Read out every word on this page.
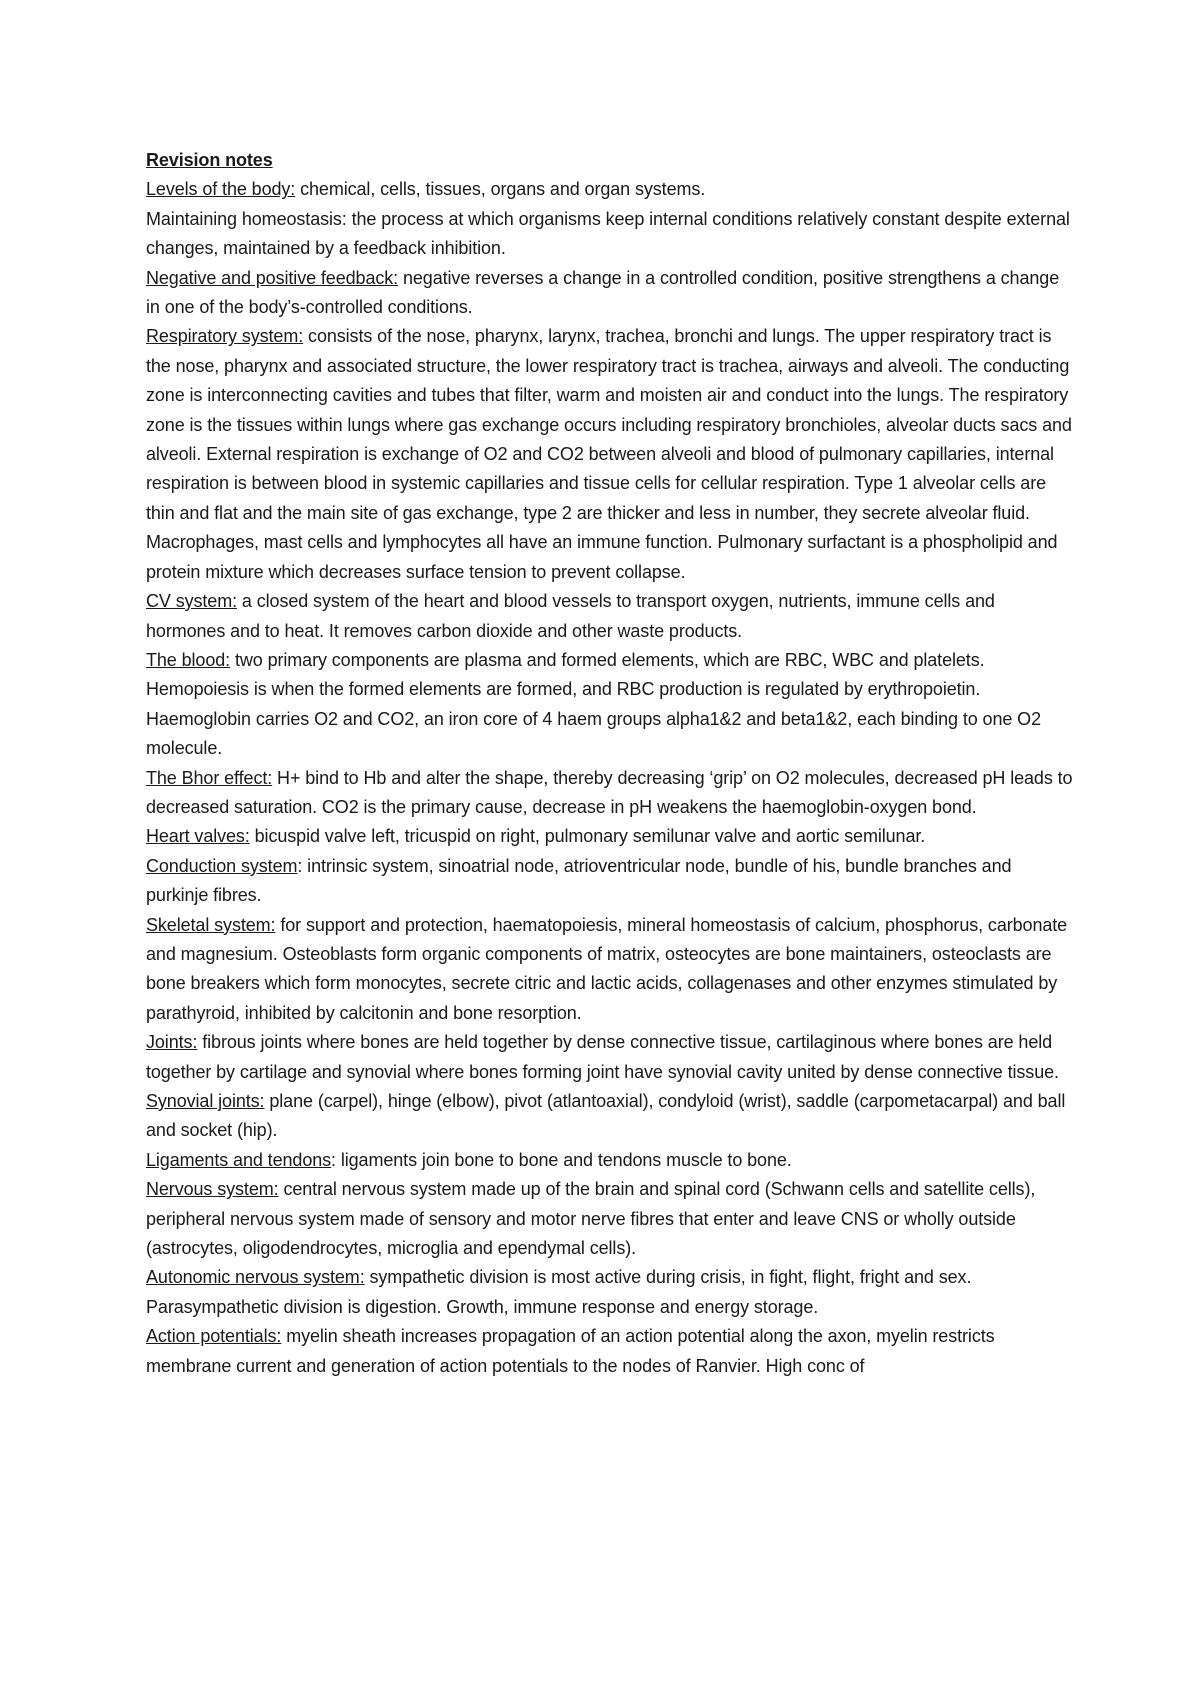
Revision notes

Levels of the body: chemical, cells, tissues, organs and organ systems.

Maintaining homeostasis: the process at which organisms keep internal conditions relatively constant despite external changes, maintained by a feedback inhibition.

Negative and positive feedback: negative reverses a change in a controlled condition, positive strengthens a change in one of the body’s-controlled conditions.

Respiratory system: consists of the nose, pharynx, larynx, trachea, bronchi and lungs. The upper respiratory tract is the nose, pharynx and associated structure, the lower respiratory tract is trachea, airways and alveoli. The conducting zone is interconnecting cavities and tubes that filter, warm and moisten air and conduct into the lungs. The respiratory zone is the tissues within lungs where gas exchange occurs including respiratory bronchioles, alveolar ducts sacs and alveoli. External respiration is exchange of O2 and CO2 between alveoli and blood of pulmonary capillaries, internal respiration is between blood in systemic capillaries and tissue cells for cellular respiration. Type 1 alveolar cells are thin and flat and the main site of gas exchange, type 2 are thicker and less in number, they secrete alveolar fluid. Macrophages, mast cells and lymphocytes all have an immune function. Pulmonary surfactant is a phospholipid and protein mixture which decreases surface tension to prevent collapse.

CV system: a closed system of the heart and blood vessels to transport oxygen, nutrients, immune cells and hormones and to heat. It removes carbon dioxide and other waste products.

The blood: two primary components are plasma and formed elements, which are RBC, WBC and platelets. Hemopoiesis is when the formed elements are formed, and RBC production is regulated by erythropoietin. Haemoglobin carries O2 and CO2, an iron core of 4 haem groups alpha1&2 and beta1&2, each binding to one O2 molecule.

The Bhor effect: H+ bind to Hb and alter the shape, thereby decreasing ‘grip’ on O2 molecules, decreased pH leads to decreased saturation. CO2 is the primary cause, decrease in pH weakens the haemoglobin-oxygen bond.

Heart valves: bicuspid valve left, tricuspid on right, pulmonary semilunar valve and aortic semilunar.

Conduction system: intrinsic system, sinoatrial node, atrioventricular node, bundle of his, bundle branches and purkinje fibres.

Skeletal system: for support and protection, haematopoiesis, mineral homeostasis of calcium, phosphorus, carbonate and magnesium. Osteoblasts form organic components of matrix, osteocytes are bone maintainers, osteoclasts are bone breakers which form monocytes, secrete citric and lactic acids, collagenases and other enzymes stimulated by parathyroid, inhibited by calcitonin and bone resorption.

Joints: fibrous joints where bones are held together by dense connective tissue, cartilaginous where bones are held together by cartilage and synovial where bones forming joint have synovial cavity united by dense connective tissue.

Synovial joints: plane (carpel), hinge (elbow), pivot (atlantoaxial), condyloid (wrist), saddle (carpometacarpal) and ball and socket (hip).

Ligaments and tendons: ligaments join bone to bone and tendons muscle to bone.

Nervous system: central nervous system made up of the brain and spinal cord (Schwann cells and satellite cells), peripheral nervous system made of sensory and motor nerve fibres that enter and leave CNS or wholly outside (astrocytes, oligodendrocytes, microglia and ependymal cells).

Autonomic nervous system: sympathetic division is most active during crisis, in fight, flight, fright and sex. Parasympathetic division is digestion. Growth, immune response and energy storage.

Action potentials: myelin sheath increases propagation of an action potential along the axon, myelin restricts membrane current and generation of action potentials to the nodes of Ranvier. High conc of
